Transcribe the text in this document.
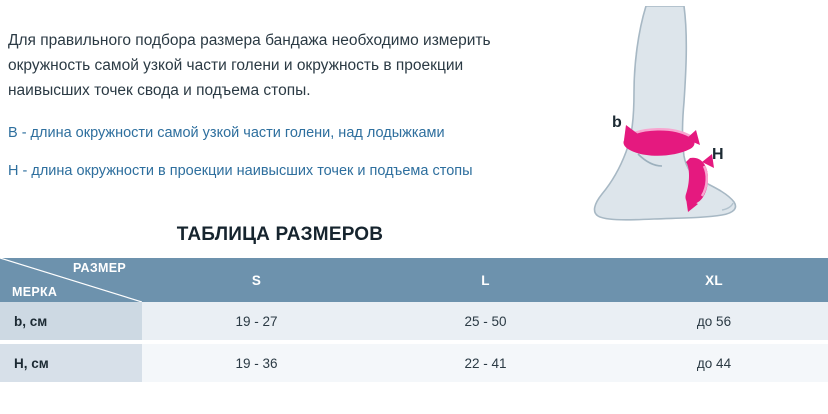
Для правильного подбора размера бандажа необходимо измерить окружность самой узкой части голени и окружность в проекции наивысших точек свода и подъема стопы.

B - длина окружности самой узкой части голени, над лодыжками

H - длина окружности в проекции наивысших точек и подъема стопы

b
H
ТАБЛИЦА РАЗМЕРОВ
РАЗМЕР
МЕРКА	S	L	XL
b, см	19 - 27	25 - 50	до 56

H, см	19 - 36	22 - 41	до 44
